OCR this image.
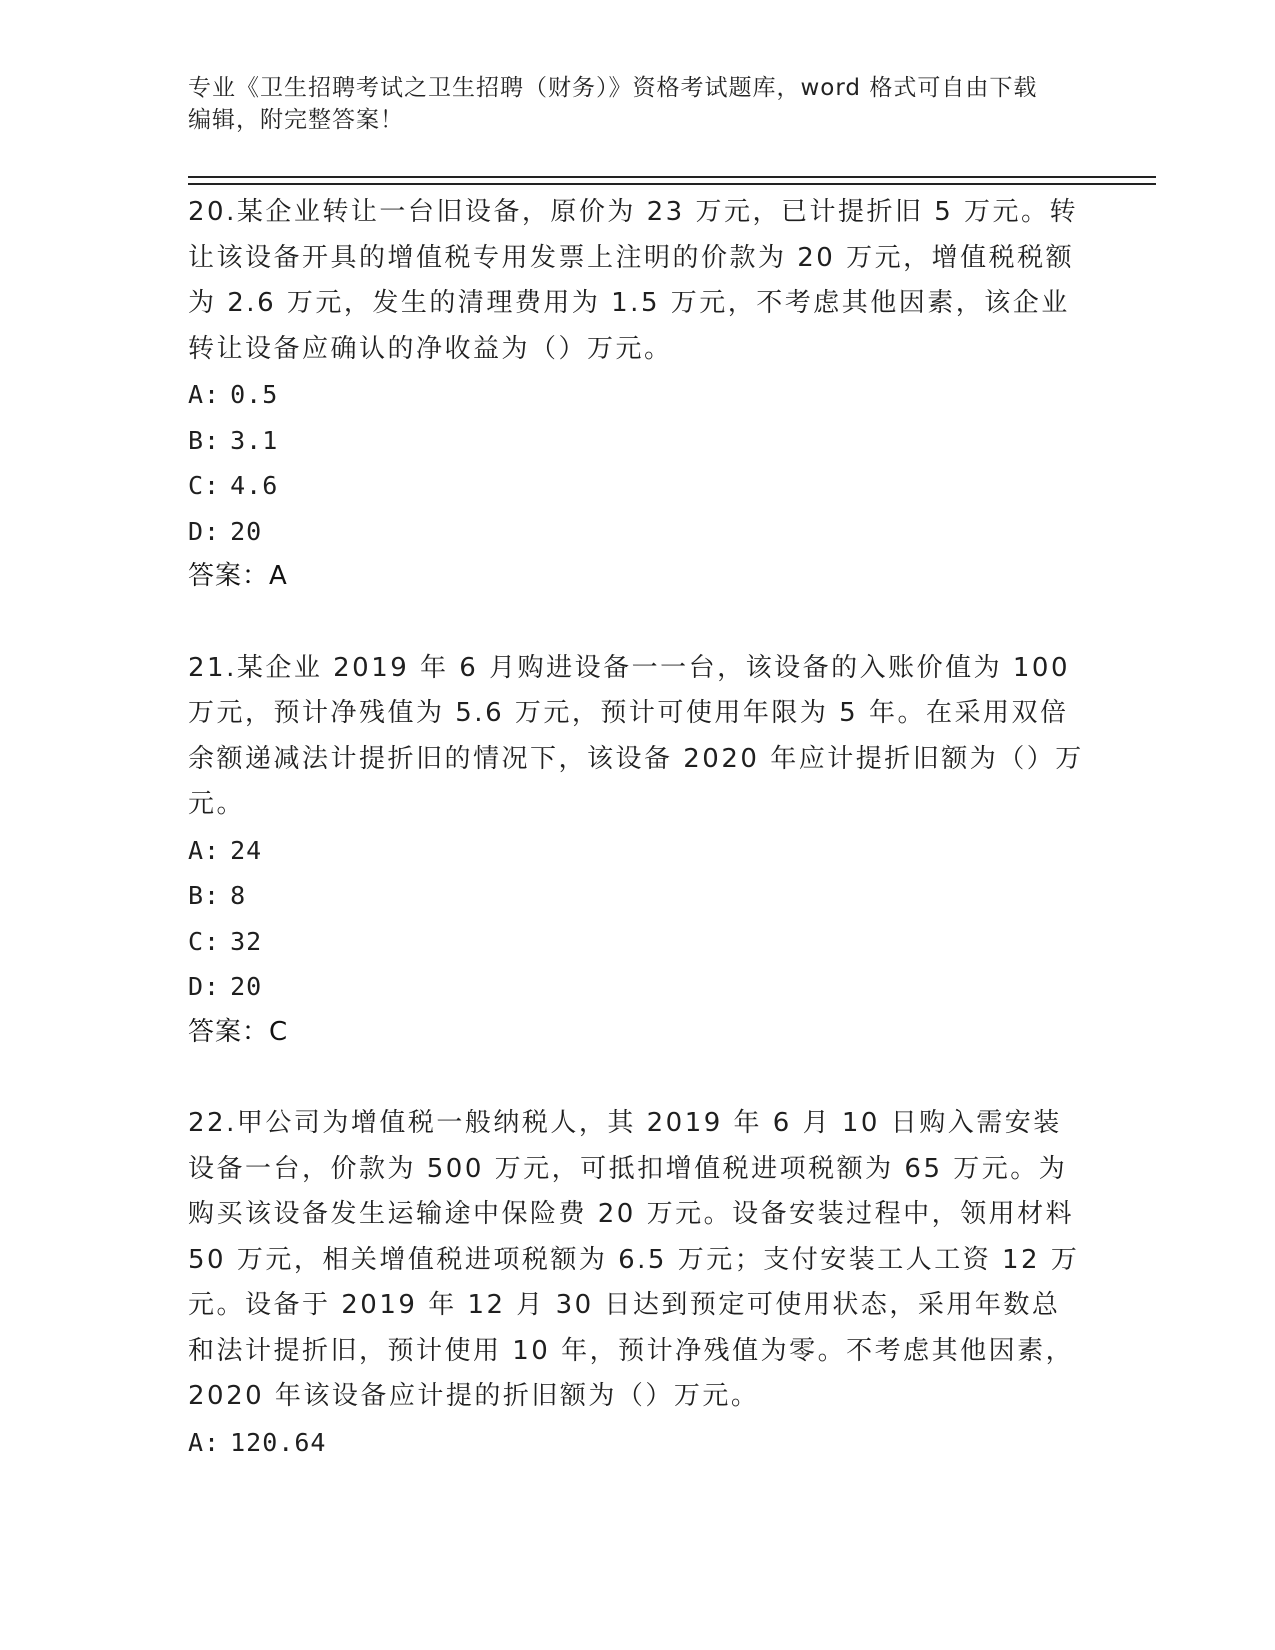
专业《卫生招聘考试之卫生招聘（财务）》资格考试题库，word 格式可自由下载
编辑，附完整答案！

20.某企业转让一台旧设备，原价为 23 万元，已计提折旧 5 万元。转让该设备开具的增值税专用发票上注明的价款为 20 万元，增值税税额为 2.6 万元，发生的清理费用为 1.5 万元，不考虑其他因素，该企业转让设备应确认的净收益为（）万元。

A: 0.5

B: 3.1

C: 4.6

D: 20

答案：A

21.某企业 2019 年 6 月购进设备一一台，该设备的入账价值为 100 万元，预计净残值为 5.6 万元，预计可使用年限为 5 年。在采用双倍余额递减法计提折旧的情况下，该设备 2020 年应计提折旧额为（）万元。

A: 24

B: 8

C: 32

D: 20

答案：C

22.甲公司为增值税一般纳税人，其 2019 年 6 月 10 日购入需安装设备一台，价款为 500 万元，可抵扣增值税进项税额为 65 万元。为购买该设备发生运输途中保险费 20 万元。设备安装过程中，领用材料 50 万元，相关增值税进项税额为 6.5 万元；支付安装工人工资 12 万元。设备于 2019 年 12 月 30 日达到预定可使用状态，采用年数总和法计提折旧，预计使用 10 年，预计净残值为零。不考虑其他因素，2020 年该设备应计提的折旧额为（）万元。

A: 120.64
